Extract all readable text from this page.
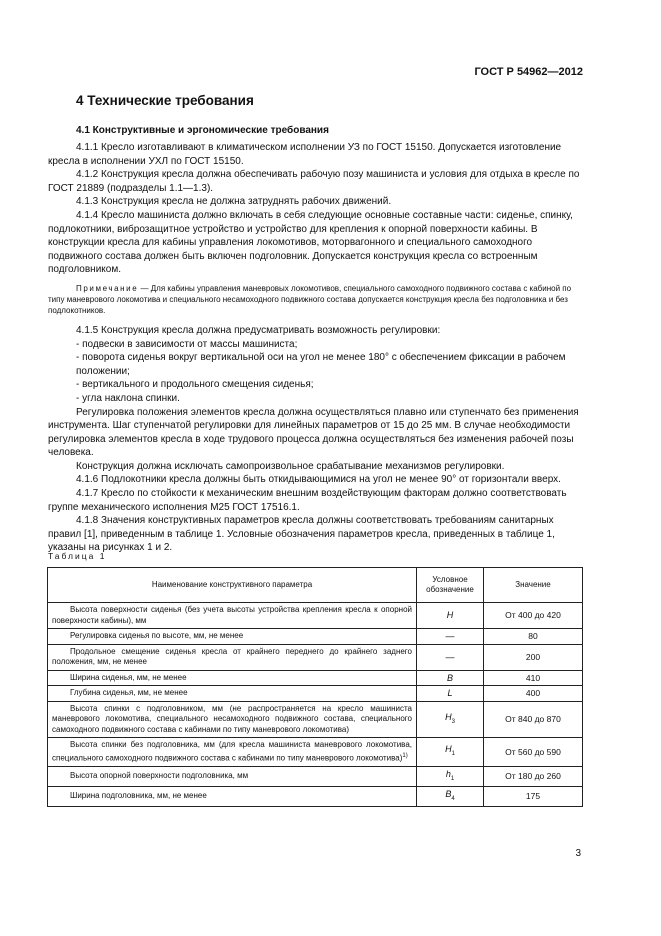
ГОСТ Р 54962—2012
4 Технические требования
4.1 Конструктивные и эргономические требования

4.1.1 Кресло изготавливают в климатическом исполнении УЗ по ГОСТ 15150. Допускается изготовление кресла в исполнении УХЛ по ГОСТ 15150.

4.1.2 Конструкция кресла должна обеспечивать рабочую позу машиниста и условия для отдыха в кресле по ГОСТ 21889 (подразделы 1.1—1.3).

4.1.3 Конструкция кресла не должна затруднять рабочих движений.

4.1.4 Кресло машиниста должно включать в себя следующие основные составные части: сиденье, спинку, подлокотники, виброзащитное устройство и устройство для крепления к опорной поверхности кабины. В конструкции кресла для кабины управления локомотивов, моторвагонного и специального самоходного подвижного состава должен быть включен подголовник. Допускается конструкция кресла со встроенным подголовником.

Примечание — Для кабины управления маневровых локомотивов, специального самоходного подвижного состава с кабиной по типу маневрового локомотива и специального несамоходного подвижного состава допускается конструкция кресла без подголовника и без подлокотников.

4.1.5 Конструкция кресла должна предусматривать возможность регулировки:

- подвески в зависимости от массы машиниста;

- поворота сиденья вокруг вертикальной оси на угол не менее 180° с обеспечением фиксации в рабочем положении;

- вертикального и продольного смещения сиденья;

- угла наклона спинки.

Регулировка положения элементов кресла должна осуществляться плавно или ступенчато без применения инструмента. Шаг ступенчатой регулировки для линейных параметров от 15 до 25 мм. В случае необходимости регулировка элементов кресла в ходе трудового процесса должна осуществляться без изменения рабочей позы человека.

Конструкция должна исключать самопроизвольное срабатывание механизмов регулировки.

4.1.6 Подлокотники кресла должны быть откидывающимися на угол не менее 90° от горизонтали вверх.

4.1.7 Кресло по стойкости к механическим внешним воздействующим факторам должно соответствовать группе механического исполнения М25 ГОСТ 17516.1.

4.1.8 Значения конструктивных параметров кресла должны соответствовать требованиям санитарных правил [1], приведенным в таблице 1. Условные обозначения параметров кресла, приведенных в таблице 1, указаны на рисунках 1 и 2.

Таблица 1
Наименование конструктивного параметра	Условное обозначение	Значение
Высота поверхности сиденья (без учета высоты устройства крепления кресла к опорной поверхности кабины), мм	H	От 400 до 420
Регулировка сиденья по высоте, мм, не менее	—	80
Продольное смещение сиденья кресла от крайнего переднего до крайнего заднего положения, мм, не менее	—	200
Ширина сиденья, мм, не менее	B	410
Глубина сиденья, мм, не менее	L	400
Высота спинки с подголовником, мм (не распространяется на кресло машиниста маневрового локомотива, специального несамоходного подвижного состава, специального самоходного подвижного состава с кабинами по типу маневрового локомотива)	$H_3$	От 840 до 870
Высота спинки без подголовника, мм (для кресла машиниста маневрового локомотива, специального самоходного подвижного состава с кабинами по типу маневрового локомотива)$^{1)}$	$H_1$	От 560 до 590
Высота опорной поверхности подголовника, мм	$h_1$	От 180 до 260
Ширина подголовника, мм, не менее	$B_4$	175
3
